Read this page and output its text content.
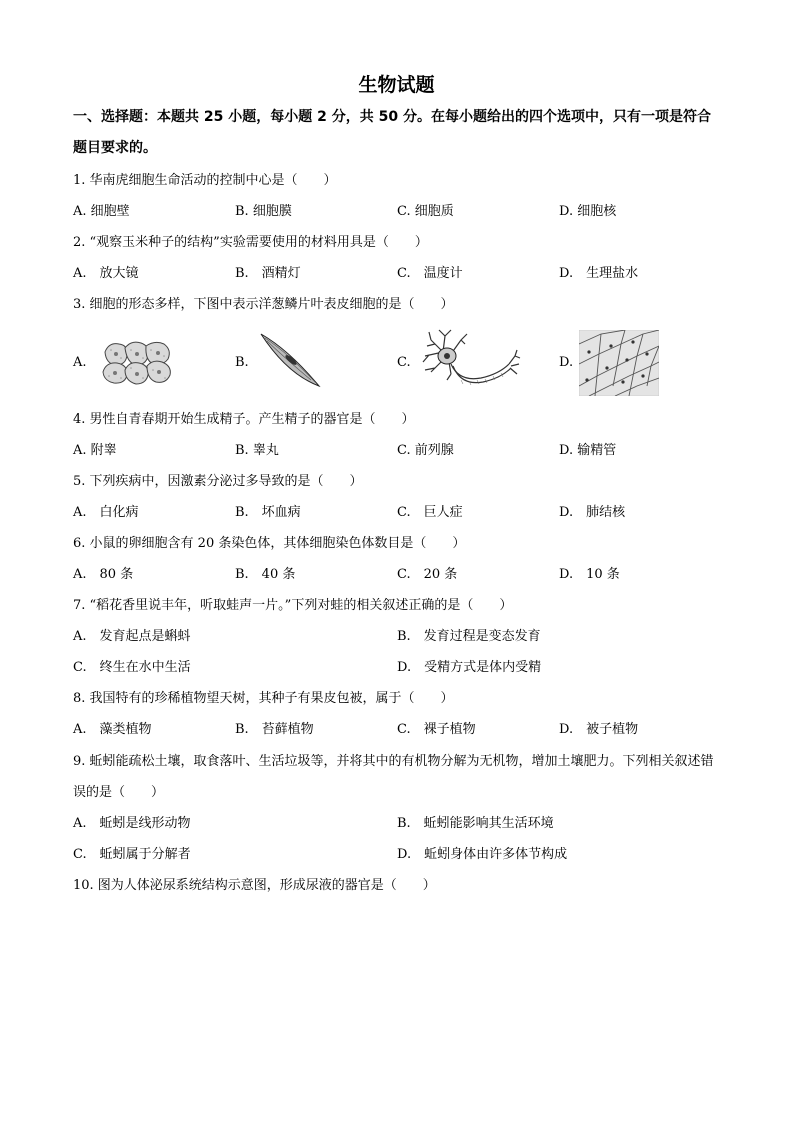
生物试题
一、选择题：本题共 25 小题，每小题 2 分，共 50 分。在每小题给出的四个选项中，只有一项是符合题目要求的。
1. 华南虎细胞生命活动的控制中心是（　　）
A. 细胞壁	B. 细胞膜	C. 细胞质	D. 细胞核
2. “观察玉米种子的结构”实验需要使用的材料用具是（　　）
A.　放大镜	B.　酒精灯	C.　温度计	D.　生理盐水
3. 细胞的形态多样，下图中表示洋葱鳞片叶表皮细胞的是（　　）
A.	B.	C.	D.
4. 男性自青春期开始生成精子。产生精子的器官是（　　）
A. 附睾	B. 睾丸	C. 前列腺	D. 输精管
5. 下列疾病中，因激素分泌过多导致的是（　　）
A.　白化病	B.　坏血病	C.　巨人症	D.　肺结核
6. 小鼠的卵细胞含有 20 条染色体，其体细胞染色体数目是（　　）
A.　80 条	B.　40 条	C.　20 条	D.　10 条
7. “稻花香里说丰年，听取蛙声一片。”下列对蛙的相关叙述正确的是（　　）
A.　发育起点是蝌蚪	B.　发育过程是变态发育
C.　终生在水中生活	D.　受精方式是体内受精
8. 我国特有的珍稀植物望天树，其种子有果皮包被，属于（　　）
A.　藻类植物	B.　苔藓植物	C.　裸子植物	D.　被子植物
9. 蚯蚓能疏松土壤，取食落叶、生活垃圾等，并将其中的有机物分解为无机物，增加土壤肥力。下列相关叙述错误的是（　　）
A.　蚯蚓是线形动物	B.　蚯蚓能影响其生活环境
C.　蚯蚓属于分解者	D.　蚯蚓身体由许多体节构成
10. 图为人体泌尿系统结构示意图，形成尿液的器官是（　　）
